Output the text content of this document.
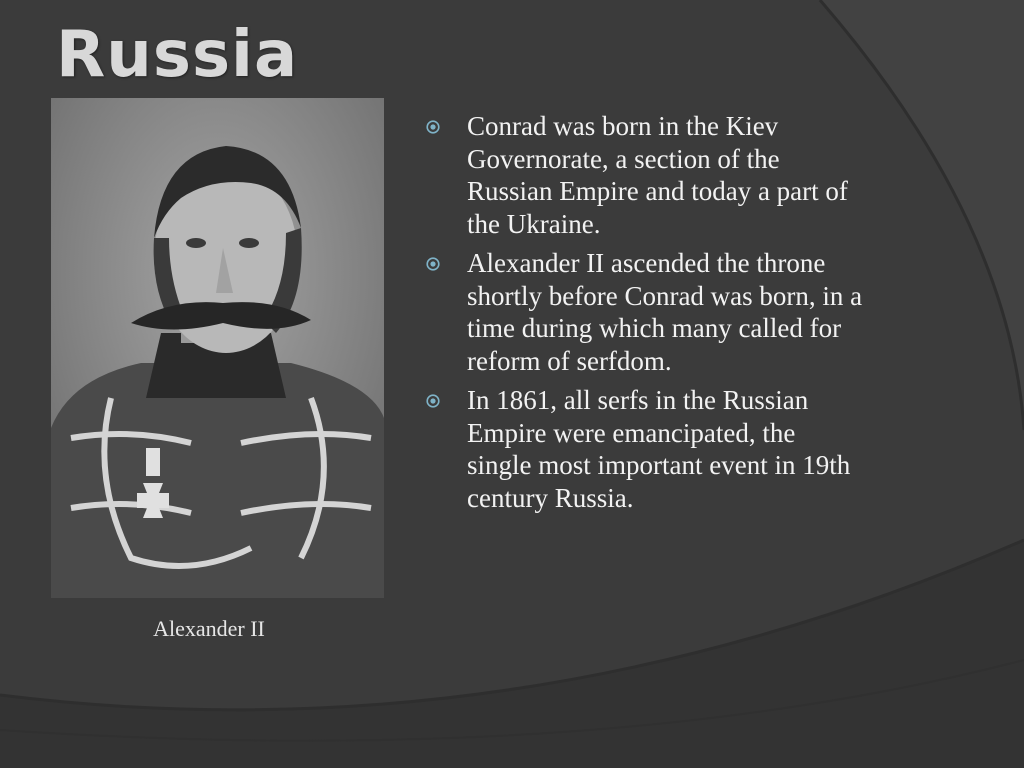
Russia
Alexander II
Conrad was born in the Kiev Governorate, a section of the Russian Empire and today a part of the Ukraine.
Alexander II ascended the throne shortly before Conrad was born, in a time during which many called for reform of serfdom.
In 1861, all serfs in the Russian Empire were emancipated, the single most important event in 19th century Russia.
